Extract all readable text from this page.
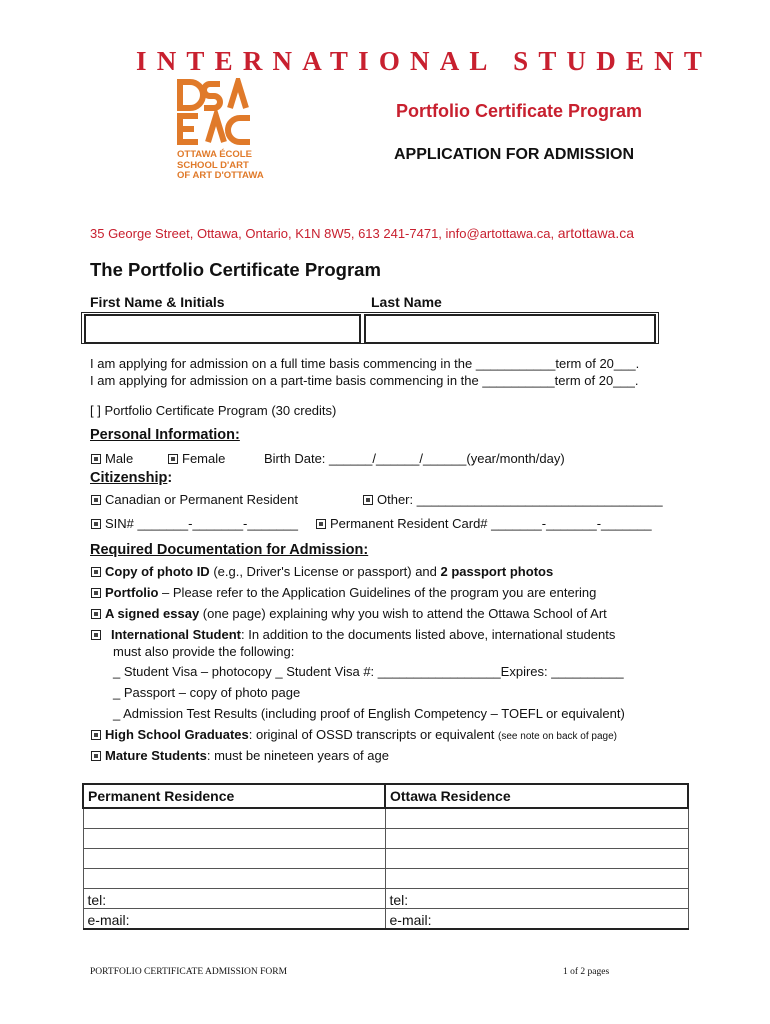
INTERNATIONAL STUDENT
OTTAWA ÉCOLE
SCHOOL D'ART
OF ART D'OTTAWA
Portfolio Certificate Program
APPLICATION FOR ADMISSION
35 George Street, Ottawa, Ontario, K1N 8W5, 613 241-7471, info@artottawa.ca, artottawa.ca
The Portfolio Certificate Program
First Name & Initials	Last Name
I am applying for admission on a full time basis commencing in the ___________term of 20___.
I am applying for admission on a part-time basis commencing in the __________term of 20___.
[ ] Portfolio Certificate Program (30 credits)
Personal Information:
Male	Female	Birth Date: ______/______/______(year/month/day)
Citizenship:
Canadian or Permanent Resident	Other: __________________________________
SIN# _______-_______-_______	Permanent Resident Card# _______-_______-_______
Required Documentation for Admission:
Copy of photo ID (e.g., Driver's License or passport) and 2 passport photos
Portfolio – Please refer to the Application Guidelines of the program you are entering
A signed essay (one page) explaining why you wish to attend the Ottawa School of Art
International Student: In addition to the documents listed above, international students
must also provide the following:
_ Student Visa – photocopy _ Student Visa #: _________________Expires: __________
_ Passport – copy of photo page
_ Admission Test Results (including proof of English Competency – TOEFL or equivalent)
High School Graduates: original of OSSD transcripts or equivalent (see note on back of page)
Mature Students: must be nineteen years of age
Permanent Residence	Ottawa Residence

tel:	tel:
e-mail:	e-mail:
PORTFOLIO CERTIFICATE ADMISSION FORM	1 of 2 pages
